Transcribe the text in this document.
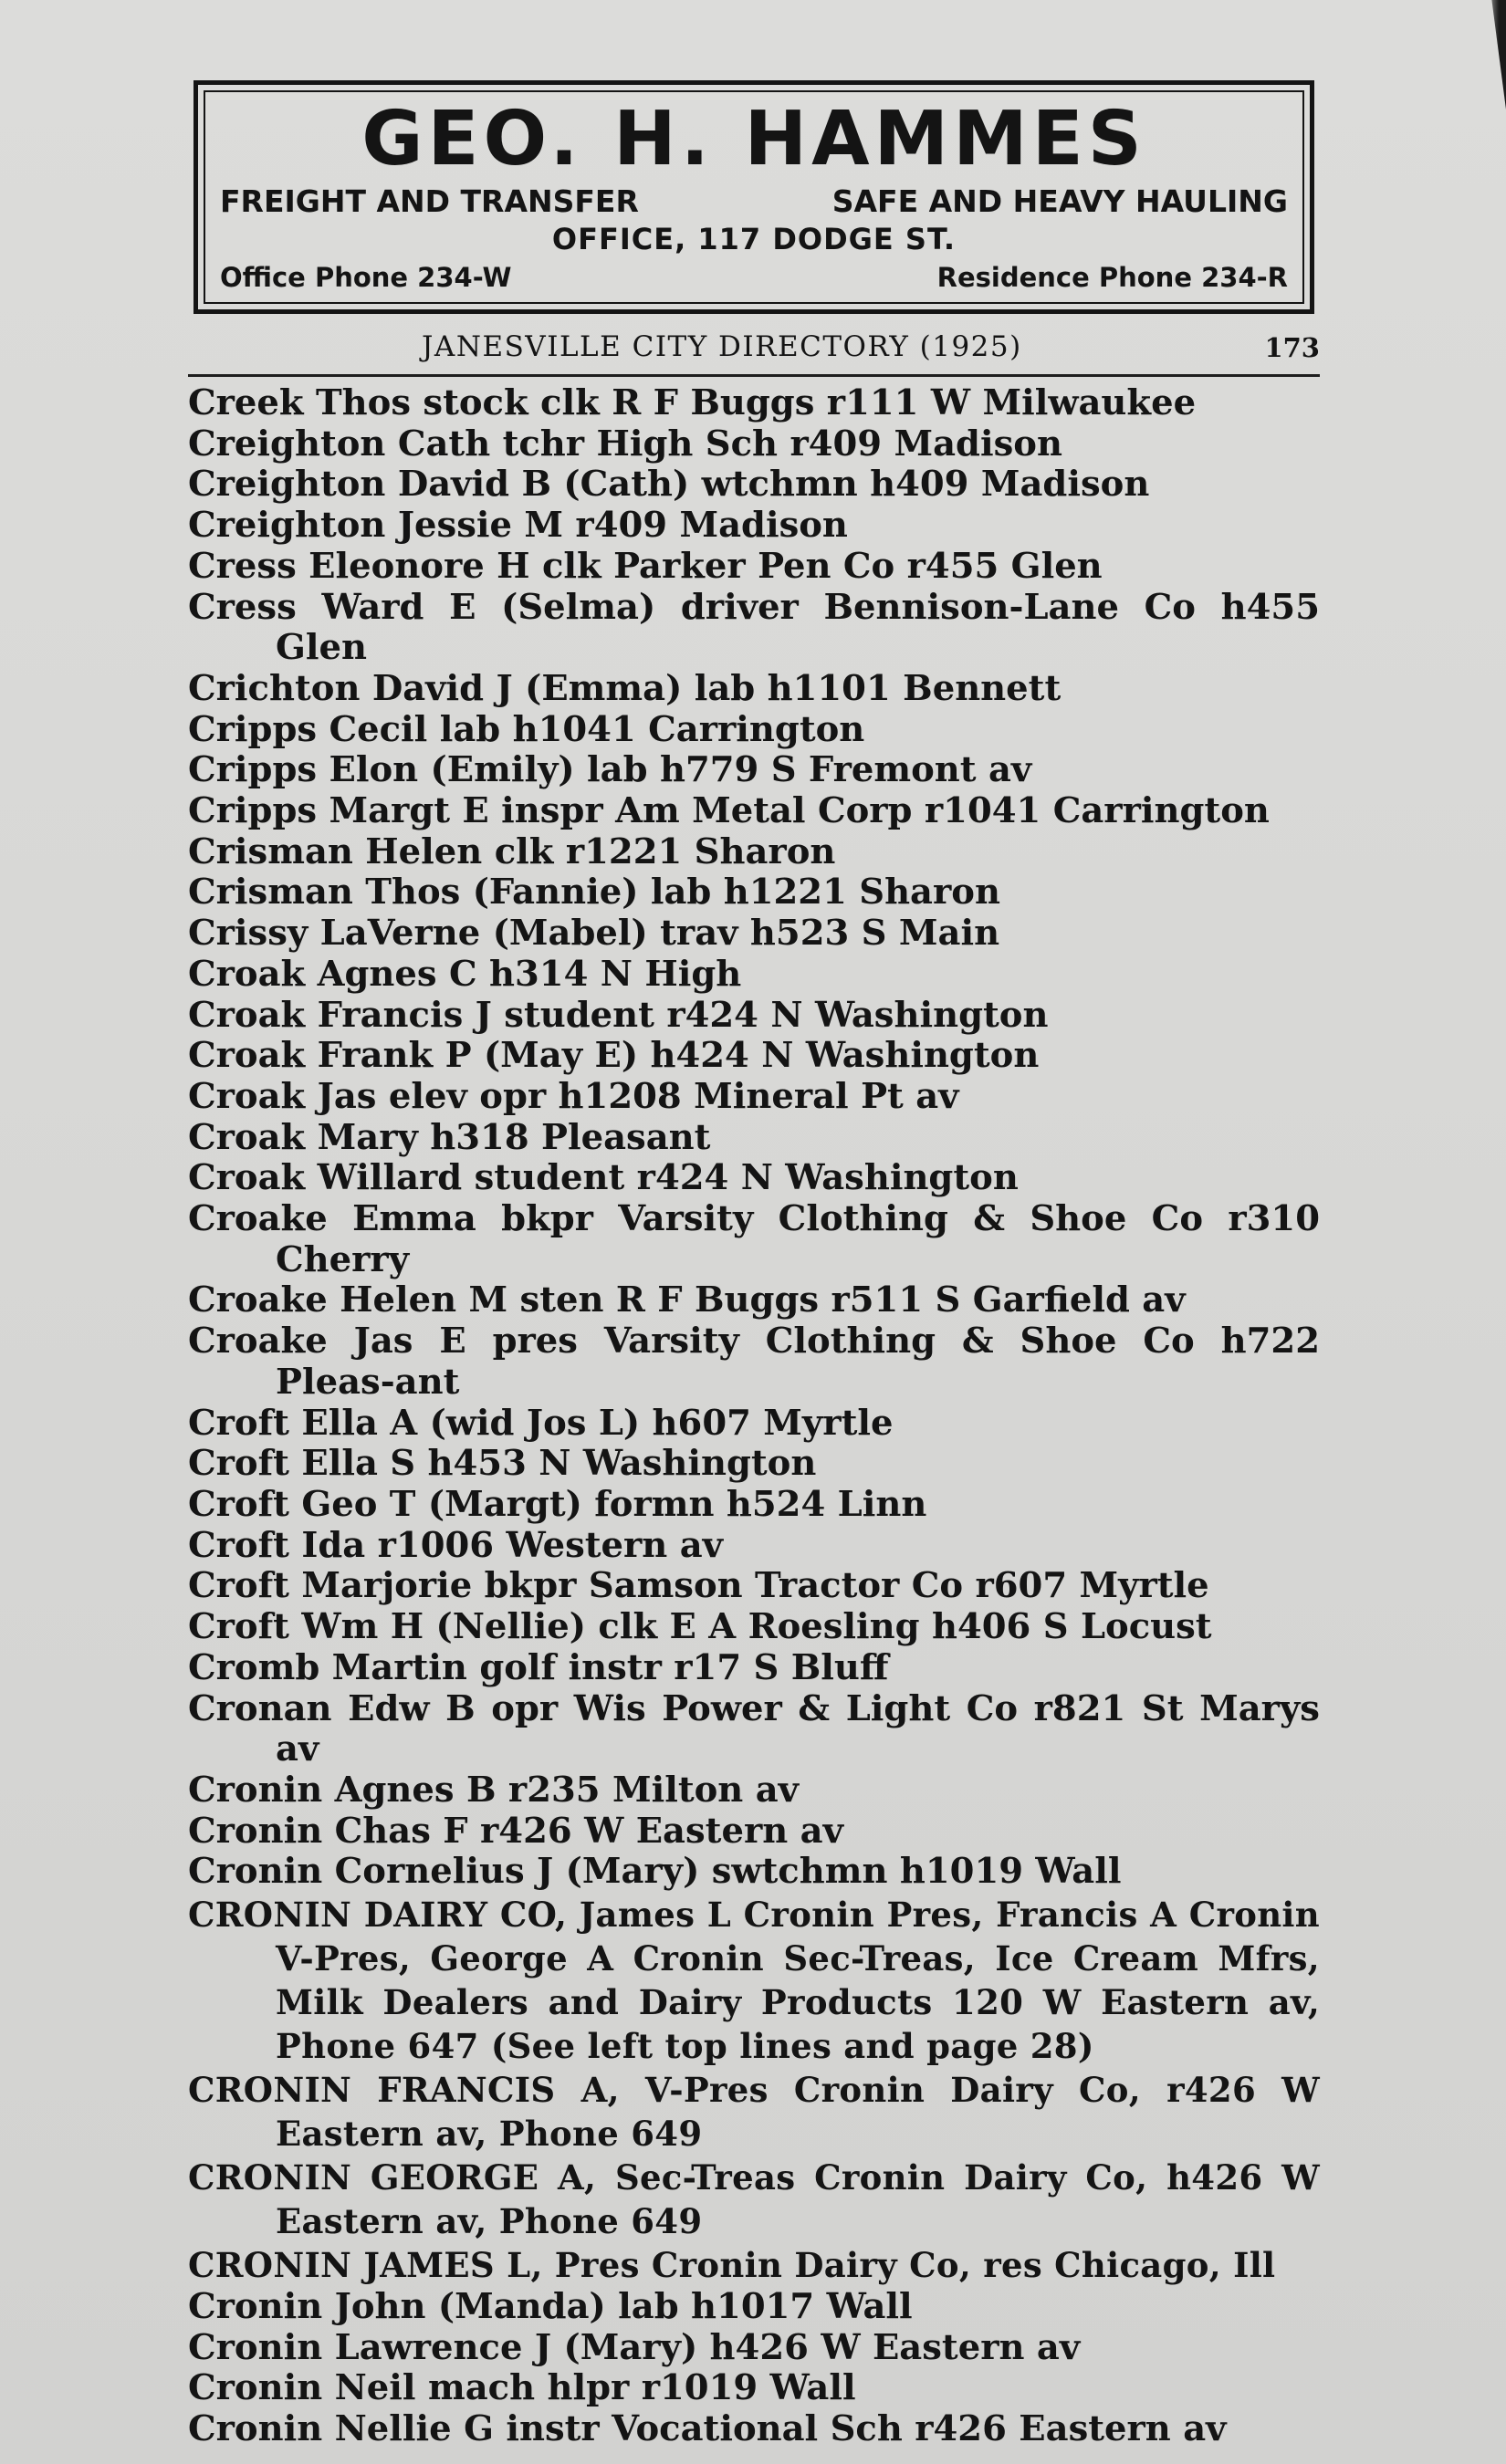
GEO. H. HAMMES
FREIGHT AND TRANSFER	SAFE AND HEAVY HAULING
OFFICE, 117 DODGE ST.
Office Phone 234-W	Residence Phone 234-R
JANESVILLE CITY DIRECTORY (1925)	173
Creek Thos stock clk R F Buggs r111 W Milwaukee
Creighton Cath tchr High Sch r409 Madison
Creighton David B (Cath) wtchmn h409 Madison
Creighton Jessie M r409 Madison
Cress Eleonore H clk Parker Pen Co r455 Glen
Cress Ward E (Selma) driver Bennison-Lane Co h455 Glen
Crichton David J (Emma) lab h1101 Bennett
Cripps Cecil lab h1041 Carrington
Cripps Elon (Emily) lab h779 S Fremont av
Cripps Margt E inspr Am Metal Corp r1041 Carrington
Crisman Helen clk r1221 Sharon
Crisman Thos (Fannie) lab h1221 Sharon
Crissy LaVerne (Mabel) trav h523 S Main
Croak Agnes C h314 N High
Croak Francis J student r424 N Washington
Croak Frank P (May E) h424 N Washington
Croak Jas elev opr h1208 Mineral Pt av
Croak Mary h318 Pleasant
Croak Willard student r424 N Washington
Croake Emma bkpr Varsity Clothing & Shoe Co r310 Cherry
Croake Helen M sten R F Buggs r511 S Garfield av
Croake Jas E pres Varsity Clothing & Shoe Co h722 Pleas-ant
Croft Ella A (wid Jos L) h607 Myrtle
Croft Ella S h453 N Washington
Croft Geo T (Margt) formn h524 Linn
Croft Ida r1006 Western av
Croft Marjorie bkpr Samson Tractor Co r607 Myrtle
Croft Wm H (Nellie) clk E A Roesling h406 S Locust
Cromb Martin golf instr r17 S Bluff
Cronan Edw B opr Wis Power & Light Co r821 St Marys av
Cronin Agnes B r235 Milton av
Cronin Chas F r426 W Eastern av
Cronin Cornelius J (Mary) swtchmn h1019 Wall
CRONIN DAIRY CO, James L Cronin Pres, Francis A Cronin V-Pres, George A Cronin Sec-Treas, Ice Cream Mfrs, Milk Dealers and Dairy Products 120 W Eastern av, Phone 647 (See left top lines and page 28)
CRONIN FRANCIS A, V-Pres Cronin Dairy Co, r426 W Eastern av, Phone 649
CRONIN GEORGE A, Sec-Treas Cronin Dairy Co, h426 W Eastern av, Phone 649
CRONIN JAMES L, Pres Cronin Dairy Co, res Chicago, Ill
Cronin John (Manda) lab h1017 Wall
Cronin Lawrence J (Mary) h426 W Eastern av
Cronin Neil mach hlpr r1019 Wall
Cronin Nellie G instr Vocational Sch r426 Eastern av
